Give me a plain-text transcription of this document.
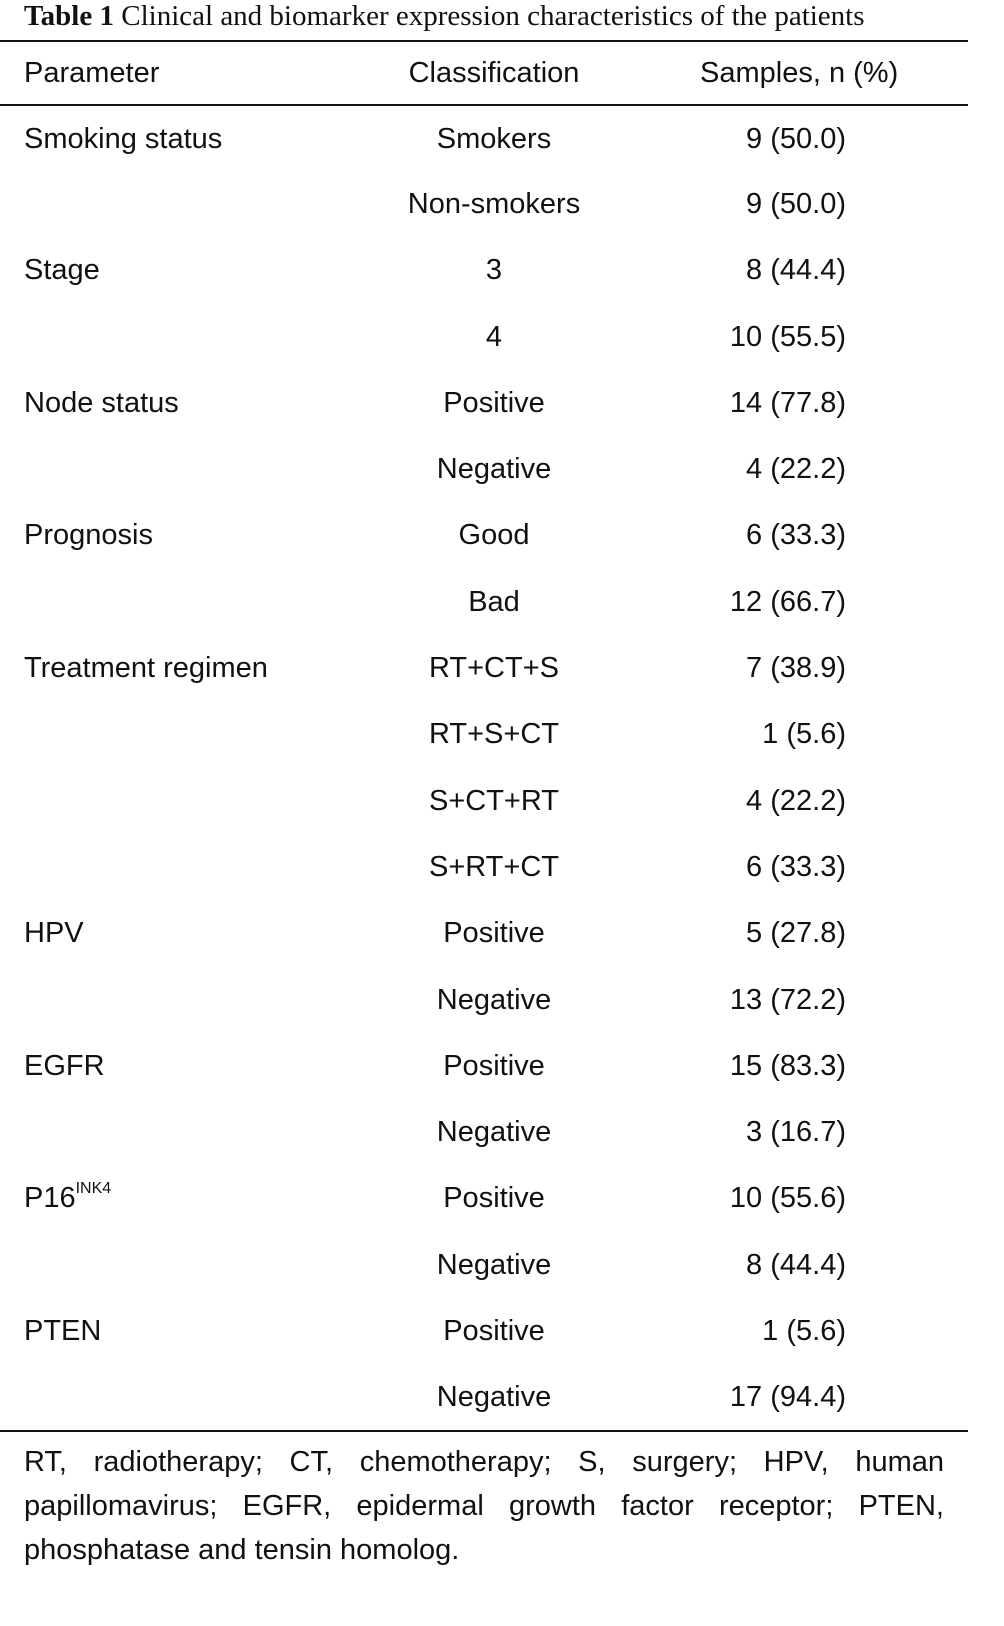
Table 1 Clinical and biomarker expression characteristics of the patients
Parameter	Classification	Samples, n (%)
Smoking status	Smokers	9 (50.0)
	Non-smokers	9 (50.0)
Stage	3	8 (44.4)
	4	10 (55.5)
Node status	Positive	14 (77.8)
	Negative	4 (22.2)
Prognosis	Good	6 (33.3)
	Bad	12 (66.7)
Treatment regimen	RT+CT+S	7 (38.9)
	RT+S+CT	1 (5.6)
	S+CT+RT	4 (22.2)
	S+RT+CT	6 (33.3)
HPV	Positive	5 (27.8)
	Negative	13 (72.2)
EGFR	Positive	15 (83.3)
	Negative	3 (16.7)
$P16^{INK4}$	Positive	10 (55.6)
	Negative	8 (44.4)
PTEN	Positive	1 (5.6)
	Negative	17 (94.4)
RT, radiotherapy; CT, chemotherapy; S, surgery; HPV, human papillomavirus; EGFR, epidermal growth factor receptor; PTEN, phosphatase and tensin homolog.
